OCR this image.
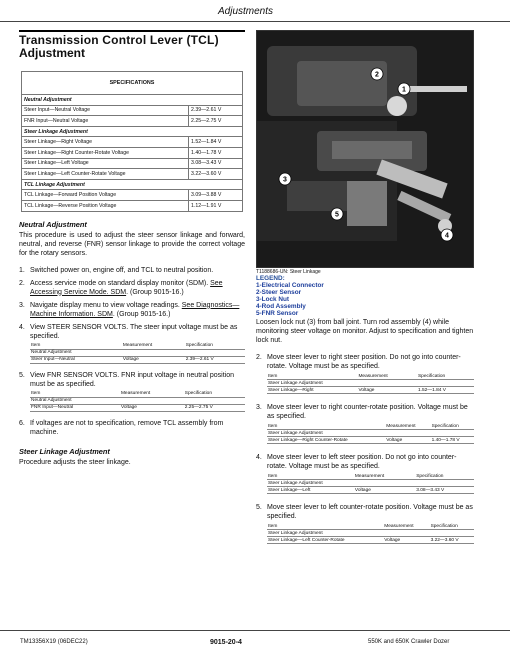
Adjustments
Transmission Control Lever (TCL)
Adjustment
SPECIFICATIONS	
Neutral Adjustment	
Steer Input—Neutral Voltage	2.39—2.61 V
FNR Input—Neutral Voltage	2.25—2.75 V
Steer Linkage Adjustment	
Steer Linkage—Right Voltage	1.52—1.84 V
Steer Linkage—Right Counter-Rotate Voltage	1.40—1.78 V
Steer Linkage—Left Voltage	3.08—3.43 V
Steer Linkage—Left Counter-Rotate Voltage	3.22—3.60 V
TCL Linkage Adjustment	
TCL Linkage—Forward Position Voltage	3.09—3.88 V
TCL Linkage—Reverse Position Voltage	1.12—1.91 V
Neutral Adjustment

This procedure is used to adjust the steer sensor linkage and forward, neutral, and reverse (FNR) sensor linkage to provide the correct voltage for the rotary sensors.

1. Switched power on, engine off, and TCL to neutral position.
2. Access service mode on standard display monitor (SDM). See Accessing Service Mode. SDM. (Group 9015-16.)
3. Navigate display menu to view voltage readings. See Diagnostics—Machine Information. SDM. (Group 9015-16.)
4. View STEER SENSOR VOLTS. The steer input voltage must be as specified.
Item	Measurement	Specification
Neutral Adjustment		
Steer Input—Neutral	Voltage	2.39—2.61 V
5. View FNR SENSOR VOLTS. FNR input voltage in neutral position must be as specified.
Item	Measurement	Specification
Neutral Adjustment		
FNR Input—Neutral	Voltage	2.25—2.75 V
6. If voltages are not to specification, remove TCL assembly from machine.
Steer Linkage Adjustment

Procedure adjusts the steer linkage.

1
2
3
4
5
T1188686-UN: Steer Linkage
LEGEND:
1-Electrical Connector
2-Steer Sensor
3-Lock Nut
4-Rod Assembly
5-FNR Sensor

Loosen lock nut (3) from ball joint. Turn rod assembly (4) while monitoring steer voltage on monitor. Adjust to specification and tighten lock nut.

2. Move steer lever to right steer position. Do not go into counter-rotate. Voltage must be as specified.
Item	Measurement	Specification
Steer Linkage Adjustment		
Steer Linkage—Right	Voltage	1.52—1.84 V
3. Move steer lever to right counter-rotate position. Voltage must be as specified.
Item	Measurement	Specification
Steer Linkage Adjustment		
Steer Linkage—Right Counter-Rotate	Voltage	1.40—1.78 V
4. Move steer lever to left steer position. Do not go into counter-rotate. Voltage must be as specified.
Item	Measurement	Specification
Steer Linkage Adjustment		
Steer Linkage—Left	Voltage	3.08—3.43 V
5. Move steer lever to left counter-rotate position. Voltage must be as specified.
Item	Measurement	Specification
Steer Linkage Adjustment		
Steer Linkage—Left Counter-Rotate	Voltage	3.22—3.60 V
TM13356X19 (06DEC22)	9015-20-4	550K and 650K Crawler Dozer
